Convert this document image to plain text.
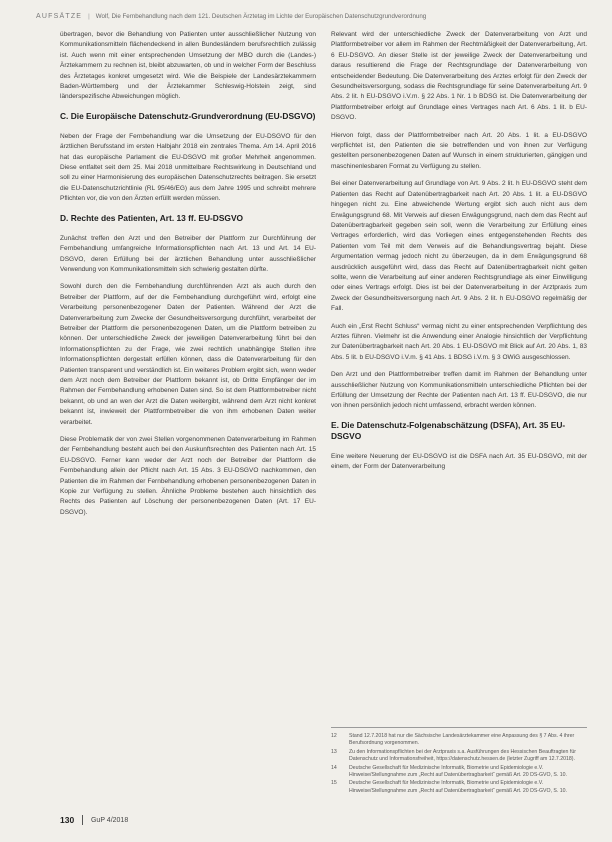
AUFSÄTZE | Wolf, Die Fernbehandlung nach dem 121. Deutschen Ärztetag im Lichte der Europäischen Datenschutzgrundverordnung

übertragen, bevor die Behandlung von Patienten unter ausschließlicher Nutzung von Kommunikationsmitteln flächendeckend in allen Bundesländern berufsrechtlich zulässig ist. Auch wenn mit einer entsprechenden Umsetzung der MBO durch die (Landes-) Ärztekammern zu rechnen ist, bleibt abzuwarten, ob und in welcher Form der Beschluss des Ärztetages konkret umgesetzt wird. Wie die Beispiele der Landesärztekammern Baden-Württemberg und der Ärztekammer Schleswig-Holstein zeigt, sind länderspezifische Abweichungen möglich.

C. Die Europäische Datenschutz-Grundverordnung (EU-DSGVO)

Neben der Frage der Fernbehandlung war die Umsetzung der EU-DSGVO für den ärztlichen Berufsstand im ersten Halbjahr 2018 ein zentrales Thema. Am 14. April 2016 hat das europäische Parlament die EU-DSGVO mit großer Mehrheit angenommen. Diese entfaltet seit dem 25. Mai 2018 unmittelbare Rechtswirkung in Deutschland und soll zu einer Harmonisierung des europäischen Datenschutzrechts beitragen. Sie ersetzt die EU-Datenschutzrichtlinie (RL 95/46/EG) aus dem Jahre 1995 und schreibt mehrere Pflichten vor, die von den Ärzten erfüllt werden müssen.

D. Rechte des Patienten, Art. 13 ff. EU-DSGVO

Zunächst treffen den Arzt und den Betreiber der Plattform zur Durchführung der Fernbehandlung umfangreiche Informationspflichten nach Art. 13 und Art. 14 EU-DSGVO, deren Erfüllung bei der ärztlichen Behandlung unter ausschließlicher Verwendung von Kommunikationsmitteln sich schwierig gestalten dürfte.

Sowohl durch den die Fernbehandlung durchführenden Arzt als auch durch den Betreiber der Plattform, auf der die Fernbehandlung durchgeführt wird, erfolgt eine Verarbeitung personenbezogener Daten der Patienten. Während der Arzt die Datenverarbeitung zum Zwecke der Gesundheitsversorgung durchführt, verarbeitet der Betreiber der Plattform die personenbezogenen Daten, um die Plattform betreiben zu können. Der unterschiedliche Zweck der jeweiligen Datenverarbeitung führt bei den Informationspflichten zu der Frage, wie zwei rechtlich unabhängige Stellen ihre Informationspflichten dergestalt erfüllen können, dass die Datenverarbeitung für den Patienten transparent und verständlich ist. Ein weiteres Problem ergibt sich, wenn weder dem Arzt noch dem Betreiber der Plattform bekannt ist, ob Dritte Empfänger der im Rahmen der Fernbehandlung erhobenen Daten sind. So ist dem Plattformbetreiber nicht bekannt, ob und an wen der Arzt die Daten weitergibt, während dem Arzt nicht konkret bekannt ist, inwieweit der Plattformbetreiber die von ihm erhobenen Daten weiter verarbeitet.

Diese Problematik der von zwei Stellen vorgenommenen Datenverarbeitung im Rahmen der Fernbehandlung besteht auch bei den Auskunftsrechten des Patienten nach Art. 15 EU-DSGVO. Ferner kann weder der Arzt noch der Betreiber der Plattform die Fernbehandlung allein der Pflicht nach Art. 15 Abs. 3 EU-DSGVO nachkommen, den Patienten die im Rahmen der Fernbehandlung erhobenen personenbezogenen Daten in Kopie zur Verfügung zu stellen. Ähnliche Probleme bestehen auch hinsichtlich des Rechts des Patienten auf Löschung der personenbezogenen Daten (Art. 17 EU-DSGVO).

Relevant wird der unterschiedliche Zweck der Datenverarbeitung von Arzt und Plattformbetreiber vor allem im Rahmen der Rechtmäßigkeit der Datenverarbeitung, Art. 6 EU-DSGVO. An dieser Stelle ist der jeweilige Zweck der Datenverarbeitung und daraus resultierend die Frage der Rechtsgrundlage der Datenverarbeitung von entscheidender Bedeutung. Die Datenverarbeitung des Arztes erfolgt für den Zweck der Gesundheitsversorgung, sodass die Rechtsgrundlage für seine Datenverarbeitung Art. 9 Abs. 2 lit. h EU-DSGVO i.V.m. § 22 Abs. 1 Nr. 1 b BDSG ist. Die Datenverarbeitung der Plattformbetreiber erfolgt auf Grundlage eines Vertrages nach Art. 6 Abs. 1 lit. b EU-DSGVO.

Hiervon folgt, dass der Plattformbetreiber nach Art. 20 Abs. 1 lit. a EU-DSGVO verpflichtet ist, den Patienten die sie betreffenden und von ihnen zur Verfügung gestellten personenbezogenen Daten auf Wunsch in einem strukturierten, gängigen und maschinenlesbaren Format zu Verfügung zu stellen.

Bei einer Datenverarbeitung auf Grundlage von Art. 9 Abs. 2 lit. h EU-DSGVO steht dem Patienten das Recht auf Datenübertragbarkeit nach Art. 20 Abs. 1 lit. a EU-DSGVO hingegen nicht zu. Eine abweichende Wertung ergibt sich auch nicht aus dem Erwägungsgrund 68. Mit Verweis auf diesen Erwägungsgrund, nach dem das Recht auf Datenübertragbarkeit gegeben sein soll, wenn die Verarbeitung zur Erfüllung eines Vertrages erforderlich, wird das Vorliegen eines entgegenstehenden Rechts des Patienten vom Teil mit dem Verweis auf die Behandlungsvertrag bejaht. Diese Argumentation vermag jedoch nicht zu überzeugen, da in dem Erwägungsgrund 68 ausdrücklich ausgeführt wird, dass das Recht auf Datenübertragbarkeit nicht gelten sollte, wenn die Verarbeitung auf einer anderen Rechtsgrundlage als einer Einwilligung oder eines Vertrags erfolgt. Dies ist bei der Datenverarbeitung in der Arztpraxis zum Zweck der Gesundheitsversorgung nach Art. 9 Abs. 2 lit. h EU-DSGVO regelmäßig der Fall.

Auch ein „Erst Recht Schluss“ vermag nicht zu einer entsprechenden Verpflichtung des Arztes führen. Vielmehr ist die Anwendung einer Analogie hinsichtlich der Verpflichtung zur Datenübertragbarkeit nach Art. 20 Abs. 1 EU-DSGVO mit Blick auf Art. 20 Abs. 1, 83 Abs. 5 lit. b EU-DSGVO i.V.m. § 41 Abs. 1 BDSG i.V.m. § 3 OWiG ausgeschlossen.

Den Arzt und den Plattformbetreiber treffen damit im Rahmen der Behandlung unter ausschließlicher Nutzung von Kommunikationsmitteln unterschiedliche Pflichten bei der Erfüllung der Umsetzung der Rechte der Patienten nach Art. 13 ff. EU-DSGVO, die nur von ihnen persönlich jedoch nicht umfassend, erbracht werden können.

E. Die Datenschutz-Folgenabschätzung (DSFA), Art. 35 EU-DSGVO

Eine weitere Neuerung der EU-DSGVO ist die DSFA nach Art. 35 EU-DSGVO, mit der einem, der Form der Datenverarbeitung

12	Stand 12.7.2018 hat nur die Sächsische Landesärztekammer eine Anpassung des § 7 Abs. 4 ihrer Berufsordnung vorgenommen.
13	Zu den Informationspflichten bei der Arztpraxis s.a. Ausführungen des Hessischen Beauftragten für Datenschutz und Informationsfreiheit, https://datenschutz.hessen.de (letzter Zugriff am 12.7.2018).
14	Deutsche Gesellschaft für Medizinische Informatik, Biometrie und Epidemiologie e.V. Hinweise/Stellungnahme zum „Recht auf Datenübertragbarkeit“ gemäß Art. 20 DS-GVO, S. 10.
15	Deutsche Gesellschaft für Medizinische Informatik, Biometrie und Epidemiologie e.V. Hinweise/Stellungnahme zum „Recht auf Datenübertragbarkeit“ gemäß Art. 20 DS-GVO, S. 10.
130 GuP 4/2018
